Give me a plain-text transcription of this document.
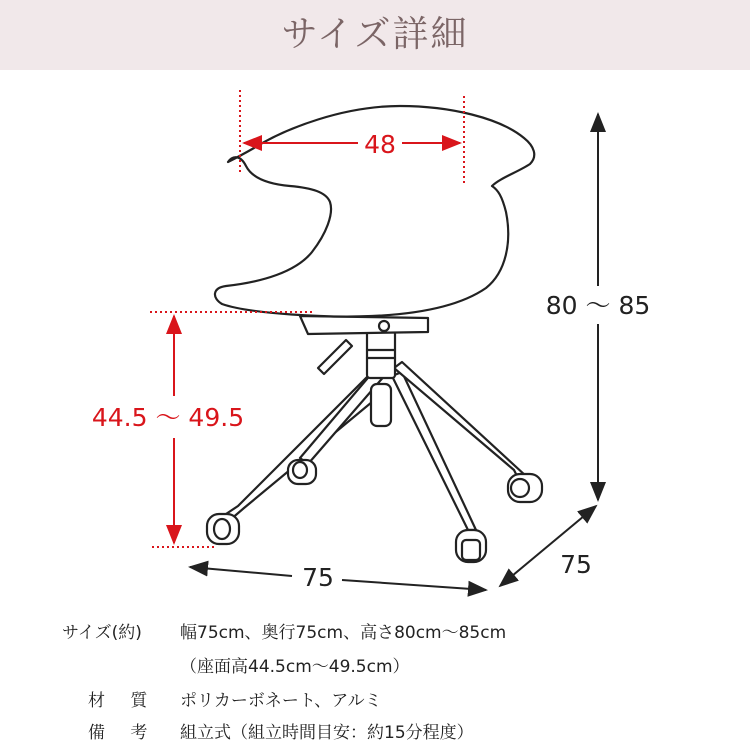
サイズ詳細
48
44.5 ～ 49.5
80 ～ 85
75	75
サイズ(約) 幅75cm、奥行75cm、高さ80cm～85cm
（座面高44.5cm～49.5cm）
材 質 ポリカーボネート、アルミ
備 考 組立式（組立時間目安：約15分程度）
